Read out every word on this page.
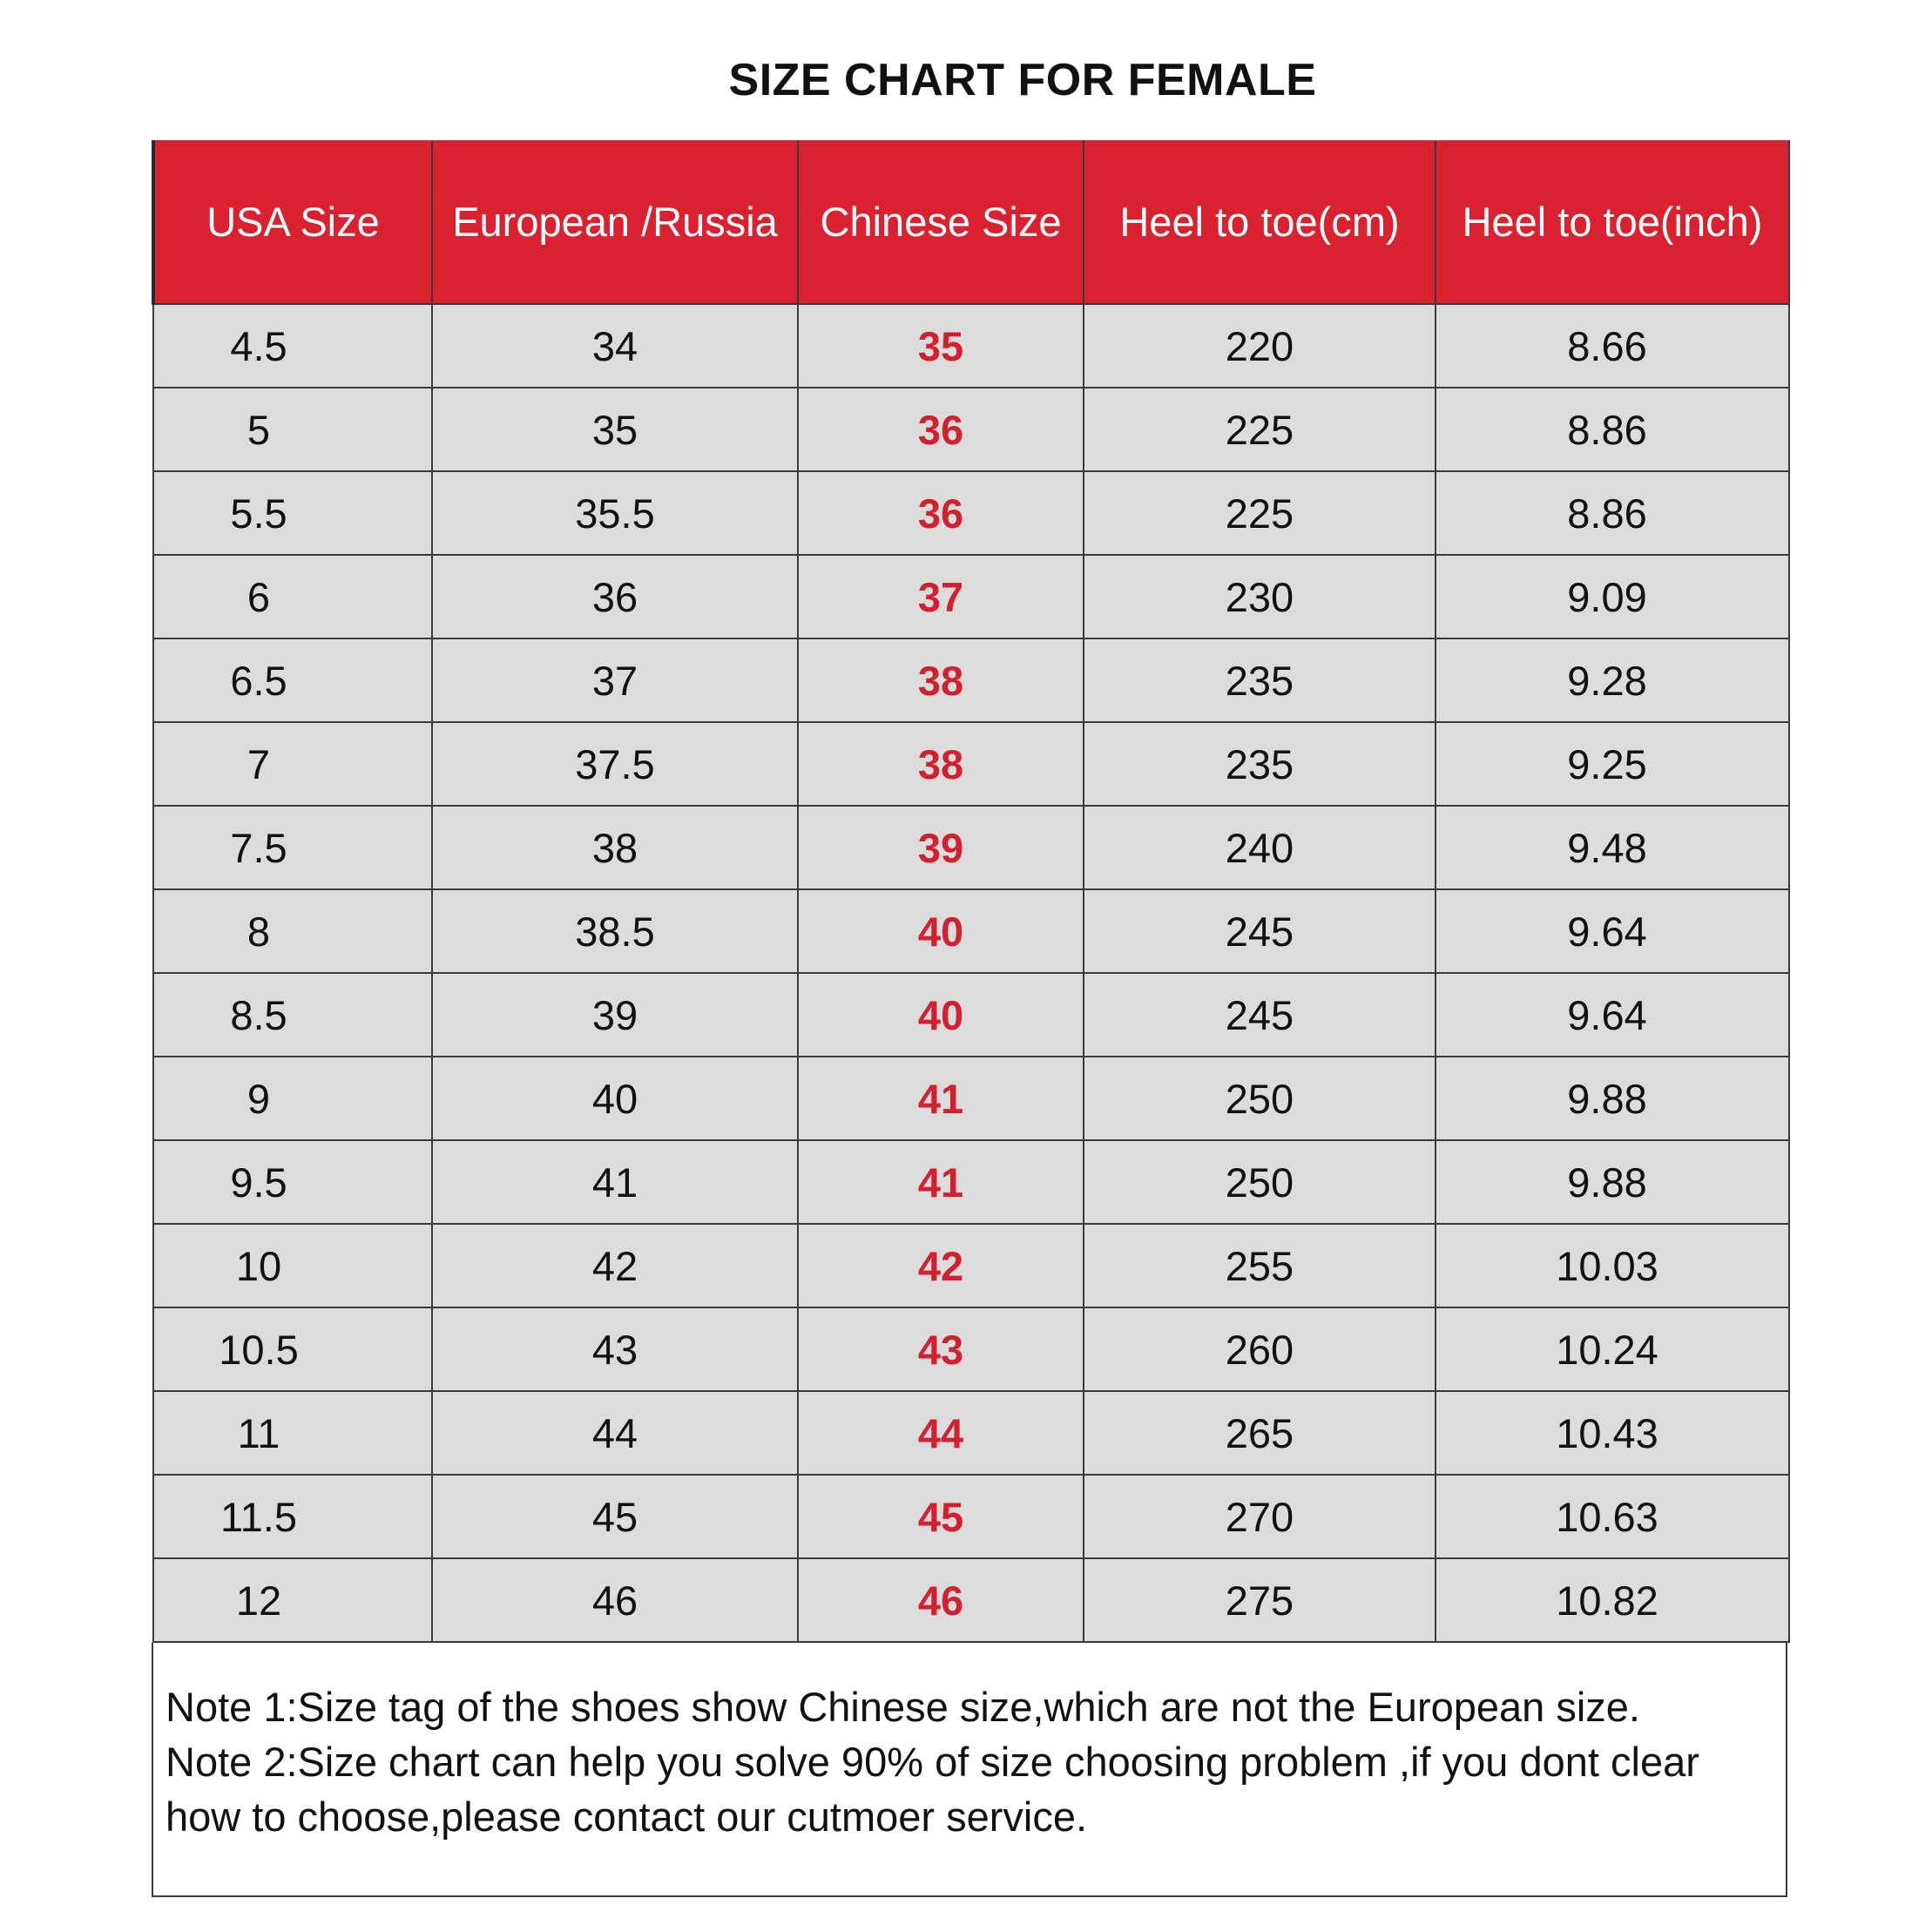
SIZE CHART FOR FEMALE
USA Size	European /Russia	Chinese Size	Heel to toe(cm)	Heel to toe(inch)
4.5	34	35	220	8.66
5	35	36	225	8.86
5.5	35.5	36	225	8.86
6	36	37	230	9.09
6.5	37	38	235	9.28
7	37.5	38	235	9.25
7.5	38	39	240	9.48
8	38.5	40	245	9.64
8.5	39	40	245	9.64
9	40	41	250	9.88
9.5	41	41	250	9.88
10	42	42	255	10.03
10.5	43	43	260	10.24
11	44	44	265	10.43
11.5	45	45	270	10.63
12	46	46	275	10.82
Note 1:Size tag of the shoes show Chinese size,which are not the European size.
Note 2:Size chart can help you solve 90% of size choosing problem ,if you dont clear how to choose,please contact our cutmoer service.
